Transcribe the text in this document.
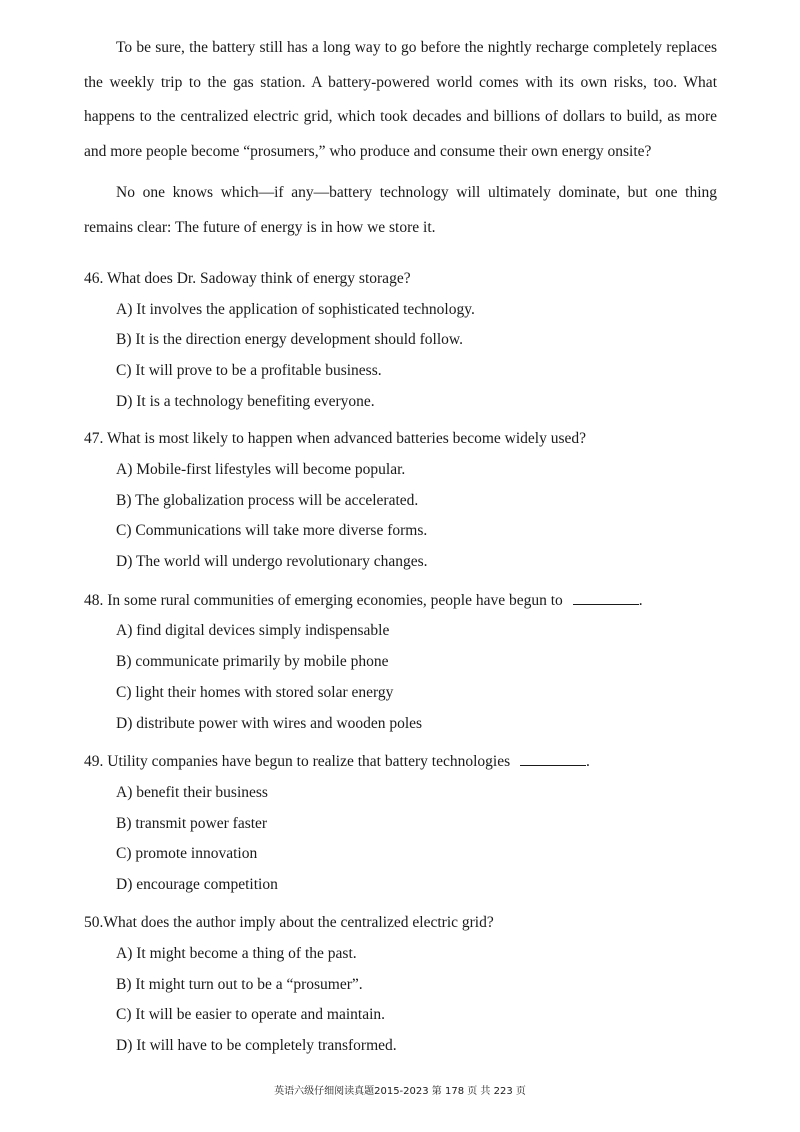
To be sure, the battery still has a long way to go before the nightly recharge completely replaces the weekly trip to the gas station. A battery-powered world comes with its own risks, too. What happens to the centralized electric grid, which took decades and billions of dollars to build, as more and more people become “prosumers,” who produce and consume their own energy onsite?

No one knows which—if any—battery technology will ultimately dominate, but one thing remains clear: The future of energy is in how we store it.

46. What does Dr. Sadoway think of energy storage?

A) It involves the application of sophisticated technology.

B) It is the direction energy development should follow.

C) It will prove to be a profitable business.

D) It is a technology benefiting everyone.

47. What is most likely to happen when advanced batteries become widely used?

A) Mobile-first lifestyles will become popular.

B) The globalization process will be accelerated.

C) Communications will take more diverse forms.

D) The world will undergo revolutionary changes.

48. In some rural communities of emerging economies, people have begun to	.

A) find digital devices simply indispensable

B) communicate primarily by mobile phone

C) light their homes with stored solar energy

D) distribute power with wires and wooden poles

49. Utility companies have begun to realize that battery technologies	.

A) benefit their business

B) transmit power faster

C) promote innovation

D) encourage competition

50.What does the author imply about the centralized electric grid?

A) It might become a thing of the past.

B) It might turn out to be a “prosumer”.

C) It will be easier to operate and maintain.

D) It will have to be completely transformed.

英语六级仔细阅读真题2015-2023 第 178 页 共 223 页
